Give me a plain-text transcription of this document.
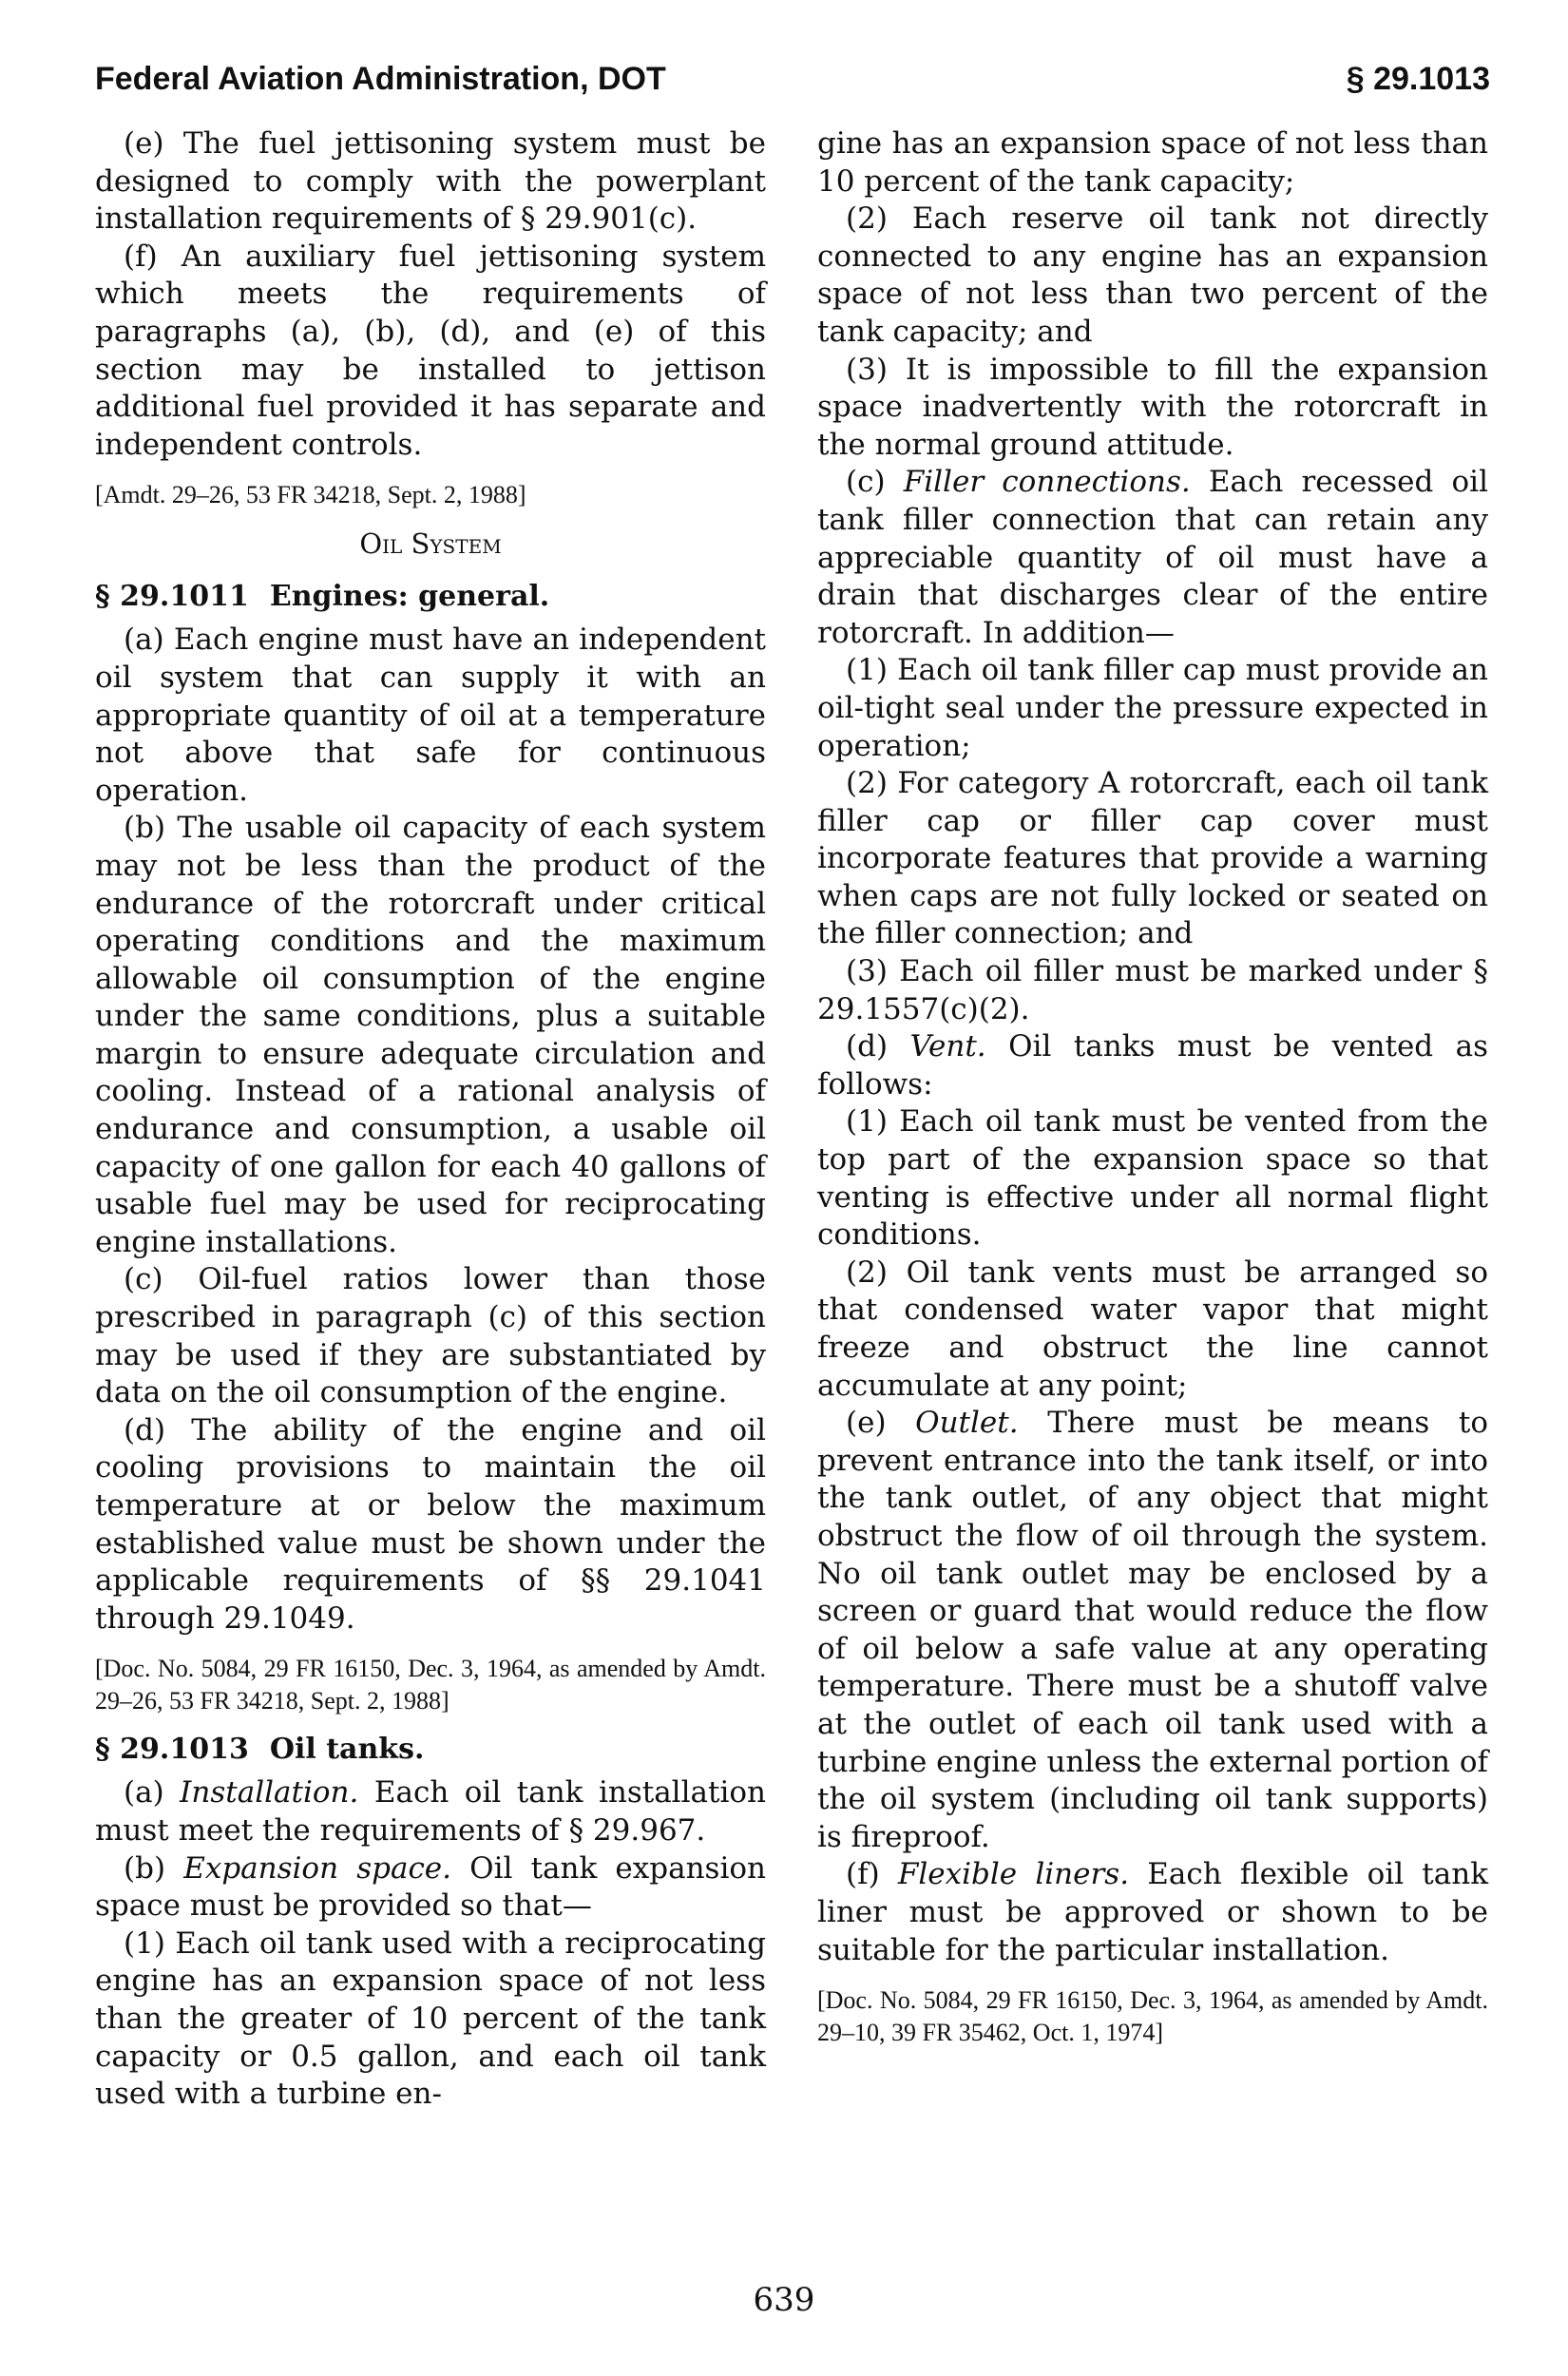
Federal Aviation Administration, DOT	§ 29.1013

(e) The fuel jettisoning system must be designed to comply with the powerplant installation requirements of § 29.901(c).

(f) An auxiliary fuel jettisoning system which meets the requirements of paragraphs (a), (b), (d), and (e) of this section may be installed to jettison additional fuel provided it has separate and independent controls.

[Amdt. 29–26, 53 FR 34218, Sept. 2, 1988]
Oil System
§ 29.1011 Engines: general.

(a) Each engine must have an independent oil system that can supply it with an appropriate quantity of oil at a temperature not above that safe for continuous operation.

(b) The usable oil capacity of each system may not be less than the product of the endurance of the rotorcraft under critical operating conditions and the maximum allowable oil consumption of the engine under the same conditions, plus a suitable margin to ensure adequate circulation and cooling. Instead of a rational analysis of endurance and consumption, a usable oil capacity of one gallon for each 40 gallons of usable fuel may be used for reciprocating engine installations.

(c) Oil-fuel ratios lower than those prescribed in paragraph (c) of this section may be used if they are substantiated by data on the oil consumption of the engine.

(d) The ability of the engine and oil cooling provisions to maintain the oil temperature at or below the maximum established value must be shown under the applicable requirements of §§ 29.1041 through 29.1049.

[Doc. No. 5084, 29 FR 16150, Dec. 3, 1964, as amended by Amdt. 29–26, 53 FR 34218, Sept. 2, 1988]
§ 29.1013 Oil tanks.

(a) Installation. Each oil tank installation must meet the requirements of § 29.967.

(b) Expansion space. Oil tank expansion space must be provided so that—

(1) Each oil tank used with a reciprocating engine has an expansion space of not less than the greater of 10 percent of the tank capacity or 0.5 gallon, and each oil tank used with a turbine en-

gine has an expansion space of not less than 10 percent of the tank capacity;

(2) Each reserve oil tank not directly connected to any engine has an expansion space of not less than two percent of the tank capacity; and

(3) It is impossible to fill the expansion space inadvertently with the rotorcraft in the normal ground attitude.

(c) Filler connections. Each recessed oil tank filler connection that can retain any appreciable quantity of oil must have a drain that discharges clear of the entire rotorcraft. In addition—

(1) Each oil tank filler cap must provide an oil-tight seal under the pressure expected in operation;

(2) For category A rotorcraft, each oil tank filler cap or filler cap cover must incorporate features that provide a warning when caps are not fully locked or seated on the filler connection; and

(3) Each oil filler must be marked under § 29.1557(c)(2).

(d) Vent. Oil tanks must be vented as follows:

(1) Each oil tank must be vented from the top part of the expansion space so that venting is effective under all normal flight conditions.

(2) Oil tank vents must be arranged so that condensed water vapor that might freeze and obstruct the line cannot accumulate at any point;

(e) Outlet. There must be means to prevent entrance into the tank itself, or into the tank outlet, of any object that might obstruct the flow of oil through the system. No oil tank outlet may be enclosed by a screen or guard that would reduce the flow of oil below a safe value at any operating temperature. There must be a shutoff valve at the outlet of each oil tank used with a turbine engine unless the external portion of the oil system (including oil tank supports) is fireproof.

(f) Flexible liners. Each flexible oil tank liner must be approved or shown to be suitable for the particular installation.

[Doc. No. 5084, 29 FR 16150, Dec. 3, 1964, as amended by Amdt. 29–10, 39 FR 35462, Oct. 1, 1974]
639
